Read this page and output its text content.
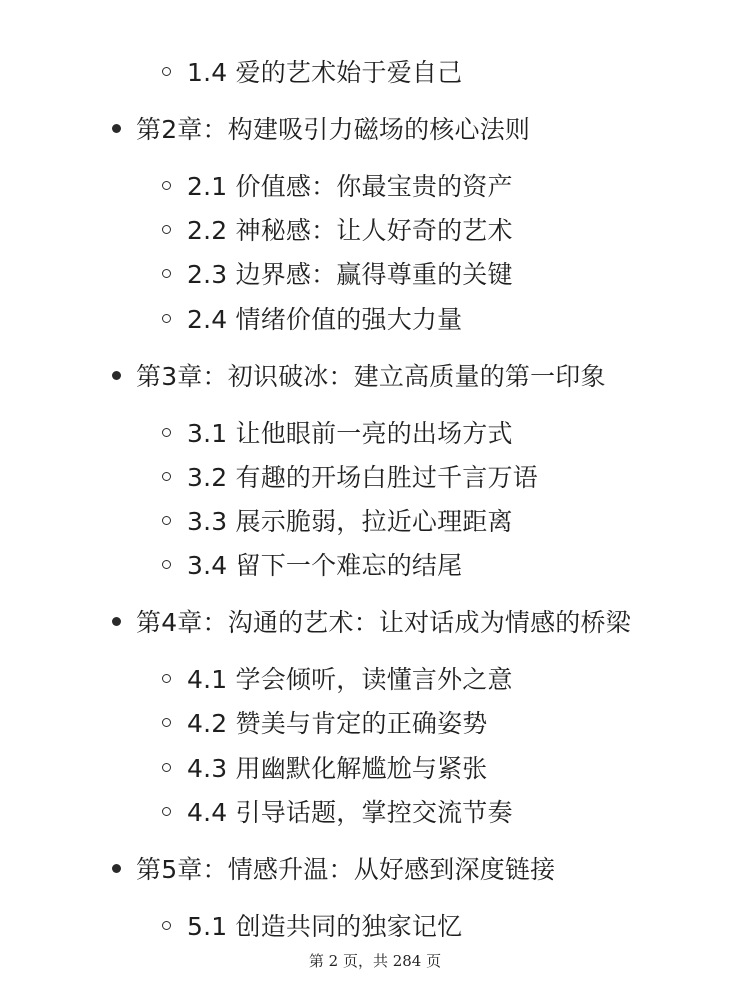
1.4 爱的艺术始于爱自己
第2章：构建吸引力磁场的核心法则
2.1 价值感：你最宝贵的资产
2.2 神秘感：让人好奇的艺术
2.3 边界感：赢得尊重的关键
2.4 情绪价值的强大力量
第3章：初识破冰：建立高质量的第一印象
3.1 让他眼前一亮的出场方式
3.2 有趣的开场白胜过千言万语
3.3 展示脆弱，拉近心理距离
3.4 留下一个难忘的结尾
第4章：沟通的艺术：让对话成为情感的桥梁
4.1 学会倾听，读懂言外之意
4.2 赞美与肯定的正确姿势
4.3 用幽默化解尴尬与紧张
4.4 引导话题，掌控交流节奏
第5章：情感升温：从好感到深度链接
5.1 创造共同的独家记忆
第 2 页，共 284 页
